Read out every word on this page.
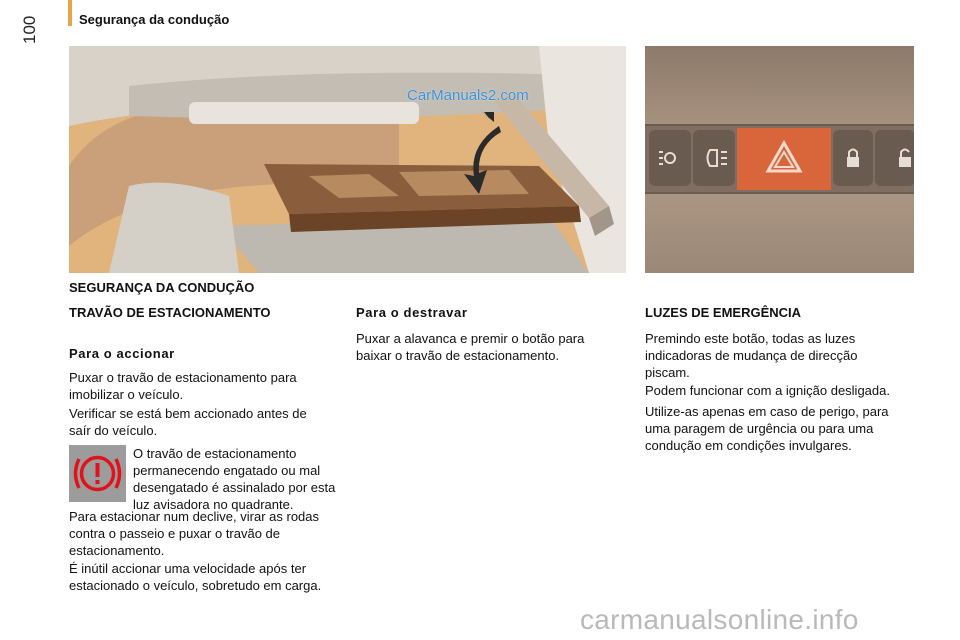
Segurança da condução
100
CarManuals2.com
SEGURANÇA DA CONDUÇÃO
TRAVÃO DE ESTACIONAMENTO
Para o accionar

Puxar o travão de estacionamento para imobilizar o veículo.

Verificar se está bem accionado antes de saír do veículo.

O travão de estacionamento permanecendo engatado ou mal desengatado é assinalado por esta luz avisadora no quadrante.

Para estacionar num declive, virar as rodas contra o passeio e puxar o travão de estacionamento.

É inútil accionar uma velocidade após ter estacionado o veículo, sobretudo em carga.

Para o destravar

Puxar a alavanca e premir o botão para baixar o travão de estacionamento.

LUZES DE EMERGÊNCIA

Premindo este botão, todas as luzes indicadoras de mudança de direcção piscam.

Podem funcionar com a ignição desligada.

Utilize-as apenas em caso de perigo, para uma paragem de urgência ou para uma condução em condições invulgares.

carmanualsonline.info
